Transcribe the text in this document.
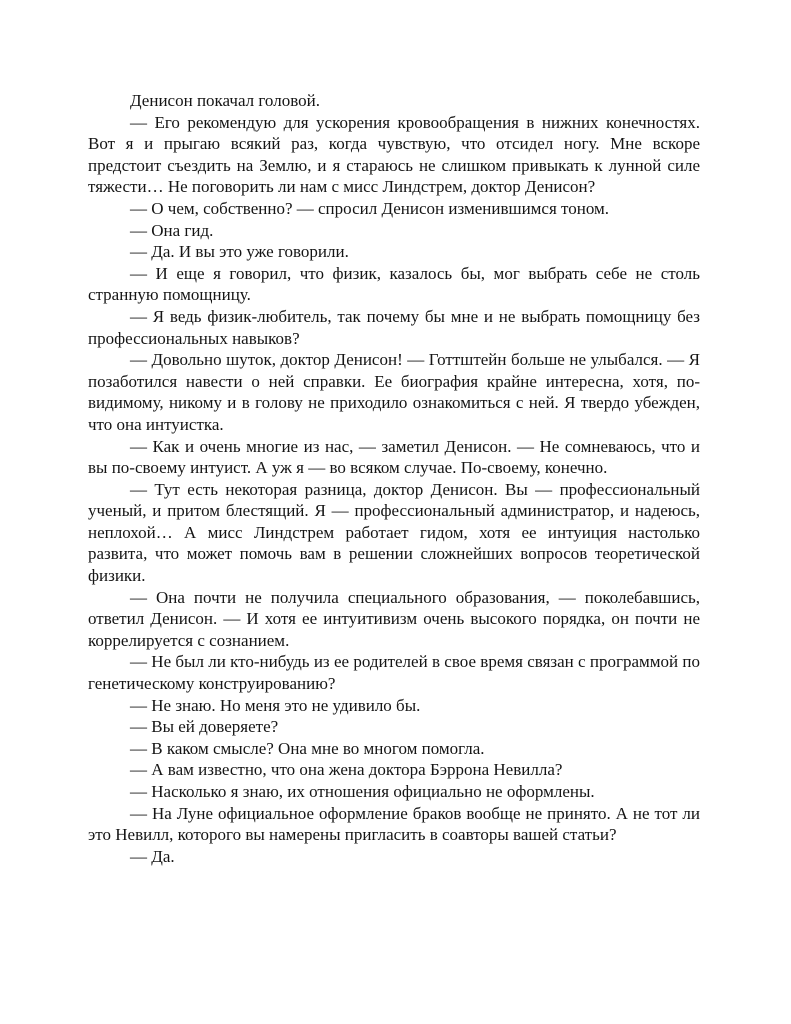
Денисон покачал головой.

— Его рекомендую для ускорения кровообращения в нижних конечностях. Вот я и прыгаю всякий раз, когда чувствую, что отсидел ногу. Мне вскоре предстоит съездить на Землю, и я стараюсь не слишком привыкать к лунной силе тяжести… Не поговорить ли нам с мисс Линдстрем, доктор Денисон?

— О чем, собственно? — спросил Денисон изменившимся тоном.

— Она гид.

— Да. И вы это уже говорили.

— И еще я говорил, что физик, казалось бы, мог выбрать себе не столь странную помощницу.

— Я ведь физик-любитель, так почему бы мне и не выбрать помощницу без профессиональных навыков?

— Довольно шуток, доктор Денисон! — Готтштейн больше не улыбался. — Я позаботился навести о ней справки. Ее биография крайне интересна, хотя, по-видимому, никому и в голову не приходило ознакомиться с ней. Я твердо убежден, что она интуистка.

— Как и очень многие из нас, — заметил Денисон. — Не сомневаюсь, что и вы по-своему интуист. А уж я — во всяком случае. По-своему, конечно.

— Тут есть некоторая разница, доктор Денисон. Вы — профессиональный ученый, и притом блестящий. Я — профессиональный администратор, и надеюсь, неплохой… А мисс Линдстрем работает гидом, хотя ее интуиция настолько развита, что может помочь вам в решении сложнейших вопросов теоретической физики.

— Она почти не получила специального образования, — поколебавшись, ответил Денисон. — И хотя ее интуитивизм очень высокого порядка, он почти не коррелируется с сознанием.

— Не был ли кто-нибудь из ее родителей в свое время связан с программой по генетическому конструированию?

— Не знаю. Но меня это не удивило бы.

— Вы ей доверяете?

— В каком смысле? Она мне во многом помогла.

— А вам известно, что она жена доктора Бэррона Невилла?

— Насколько я знаю, их отношения официально не оформлены.

— На Луне официальное оформление браков вообще не принято. А не тот ли это Невилл, которого вы намерены пригласить в соавторы вашей статьи?

— Да.
